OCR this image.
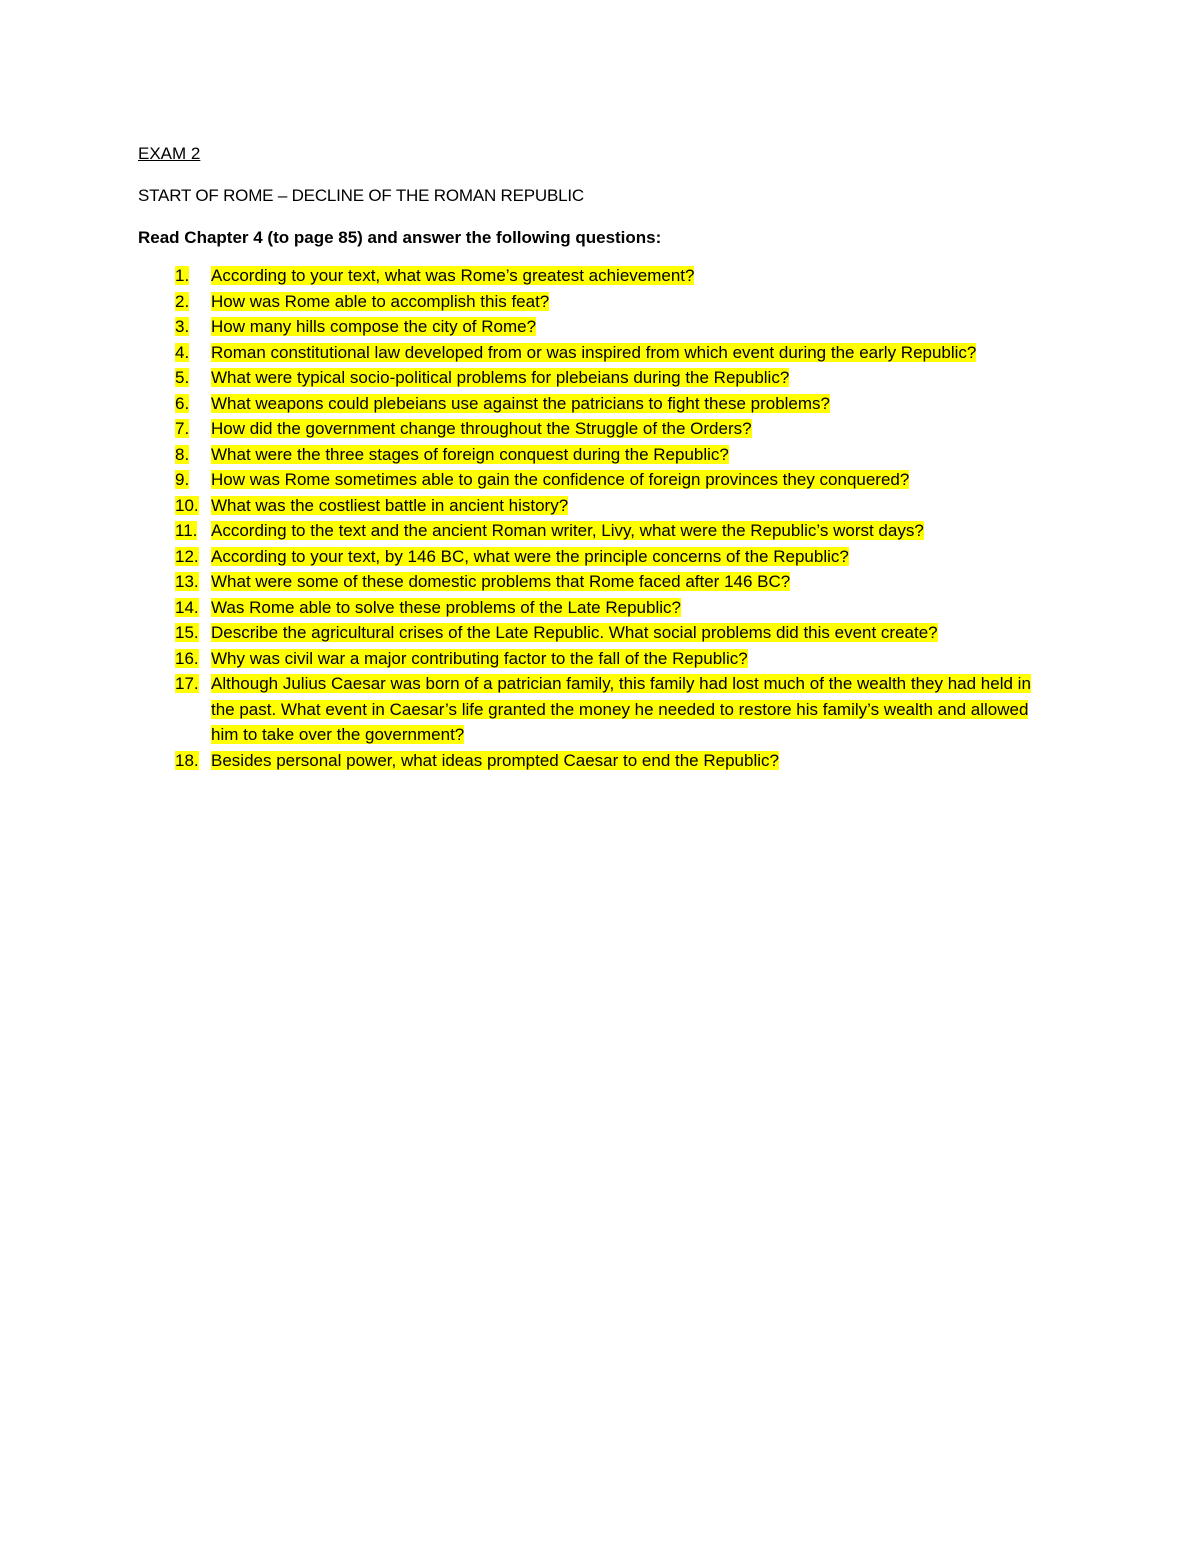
EXAM 2
START OF ROME – DECLINE OF THE ROMAN REPUBLIC
Read Chapter 4 (to page 85) and answer the following questions:
1.	According to your text, what was Rome’s greatest achievement?
2.	How was Rome able to accomplish this feat?
3.	How many hills compose the city of Rome?
4.	Roman constitutional law developed from or was inspired from which event during the early Republic?
5.	What were typical socio-political problems for plebeians during the Republic?
6.	What weapons could plebeians use against the patricians to fight these problems?
7.	How did the government change throughout the Struggle of the Orders?
8.	What were the three stages of foreign conquest during the Republic?
9.	How was Rome sometimes able to gain the confidence of foreign provinces they conquered?
10. What was the costliest battle in ancient history?
11. According to the text and the ancient Roman writer, Livy, what were the Republic’s worst days?
12. According to your text, by 146 BC, what were the principle concerns of the Republic?
13. What were some of these domestic problems that Rome faced after 146 BC?
14. Was Rome able to solve these problems of the Late Republic?
15. Describe the agricultural crises of the Late Republic. What social problems did this event create?
16. Why was civil war a major contributing factor to the fall of the Republic?
17. Although Julius Caesar was born of a patrician family, this family had lost much of the wealth they had held in the past. What event in Caesar’s life granted the money he needed to restore his family’s wealth and allowed him to take over the government?
18. Besides personal power, what ideas prompted Caesar to end the Republic?
